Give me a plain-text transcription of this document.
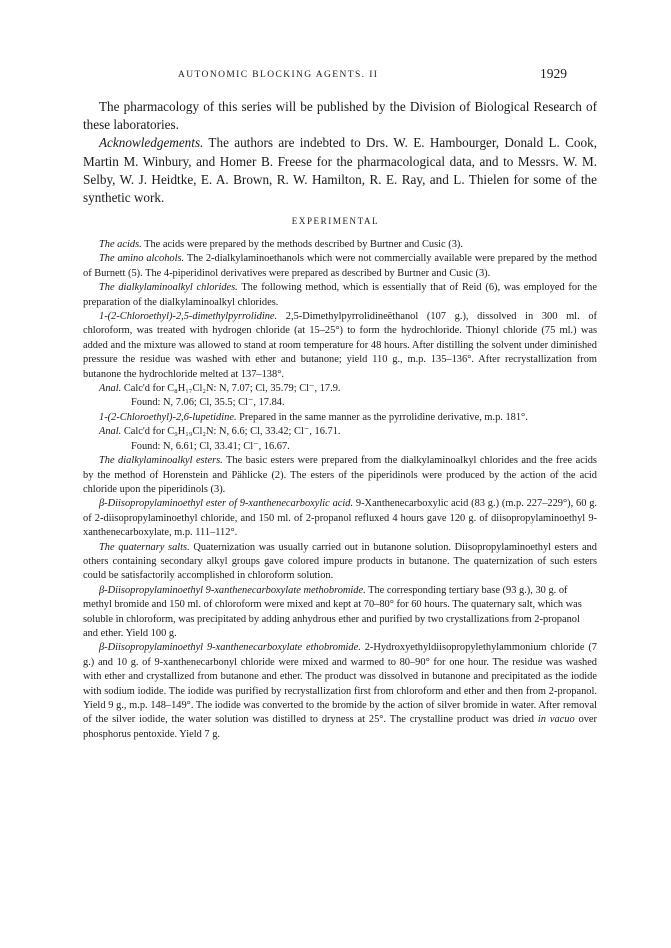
AUTONOMIC BLOCKING AGENTS. II	1929

The pharmacology of this series will be published by the Division of Biological Research of these laboratories.

Acknowledgements. The authors are indebted to Drs. W. E. Hambourger, Donald L. Cook, Martin M. Winbury, and Homer B. Freese for the pharmacological data, and to Messrs. W. M. Selby, W. J. Heidtke, E. A. Brown, R. W. Hamilton, R. E. Ray, and L. Thielen for some of the synthetic work.

EXPERIMENTAL

The acids. The acids were prepared by the methods described by Burtner and Cusic (3).

The amino alcohols. The 2-dialkylaminoethanols which were not commercially available were prepared by the method of Burnett (5). The 4-piperidinol derivatives were prepared as described by Burtner and Cusic (3).

The dialkylaminoalkyl chlorides. The following method, which is essentially that of Reid (6), was employed for the preparation of the dialkylaminoalkyl chlorides.

1-(2-Chloroethyl)-2,5-dimethylpyrrolidine. 2,5-Dimethylpyrrolidineëthanol (107 g.), dissolved in 300 ml. of chloroform, was treated with hydrogen chloride (at 15–25°) to form the hydrochloride. Thionyl chloride (75 ml.) was added and the mixture was allowed to stand at room temperature for 48 hours. After distilling the solvent under diminished pressure the residue was washed with ether and butanone; yield 110 g., m.p. 135–136°. After recrystallization from butanone the hydrochloride melted at 137–138°.

Anal. Calc'd for C₈H₁₇Cl₂N: N, 7.07; Cl, 35.79; Cl⁻, 17.9.

Found: N, 7.06; Cl, 35.5; Cl⁻, 17.84.

1-(2-Chloroethyl)-2,6-lupetidine. Prepared in the same manner as the pyrrolidine derivative, m.p. 181°.

Anal. Calc'd for C₉H₁₉Cl₂N: N, 6.6; Cl, 33.42; Cl⁻, 16.71.

Found: N, 6.61; Cl, 33.41; Cl⁻, 16.67.

The dialkylaminoalkyl esters. The basic esters were prepared from the dialkylaminoalkyl chlorides and the free acids by the method of Horenstein and Pählicke (2). The esters of the piperidinols were produced by the action of the acid chloride upon the piperidinols (3).

β-Diisopropylaminoethyl ester of 9-xanthenecarboxylic acid. 9-Xanthenecarboxylic acid (83 g.) (m.p. 227–229°), 60 g. of 2-diisopropylaminoethyl chloride, and 150 ml. of 2-propanol refluxed 4 hours gave 120 g. of diisopropylaminoethyl 9-xanthenecarboxylate, m.p. 111–112°.

The quaternary salts. Quaternization was usually carried out in butanone solution. Diisopropylaminoethyl esters and others containing secondary alkyl groups gave colored impure products in butanone. The quaternization of such esters could be satisfactorily accomplished in chloroform solution.

β-Diisopropylaminoethyl 9-xanthenecarboxylate methobromide. The corresponding tertiary base (93 g.), 30 g. of methyl bromide and 150 ml. of chloroform were mixed and kept at 70–80° for 60 hours. The quaternary salt, which was soluble in chloroform, was precipitated by adding anhydrous ether and purified by two crystallizations from 2-propanol and ether. Yield 100 g.

β-Diisopropylaminoethyl 9-xanthenecarboxylate ethobromide. 2-Hydroxyethyldiisopropylethylammonium chloride (7 g.) and 10 g. of 9-xanthenecarbonyl chloride were mixed and warmed to 80–90° for one hour. The residue was washed with ether and crystallized from butanone and ether. The product was dissolved in butanone and precipitated as the iodide with sodium iodide. The iodide was purified by recrystallization first from chloroform and ether and then from 2-propanol. Yield 9 g., m.p. 148–149°. The iodide was converted to the bromide by the action of silver bromide in water. After removal of the silver iodide, the water solution was distilled to dryness at 25°. The crystalline product was dried in vacuo over phosphorus pentoxide. Yield 7 g.
